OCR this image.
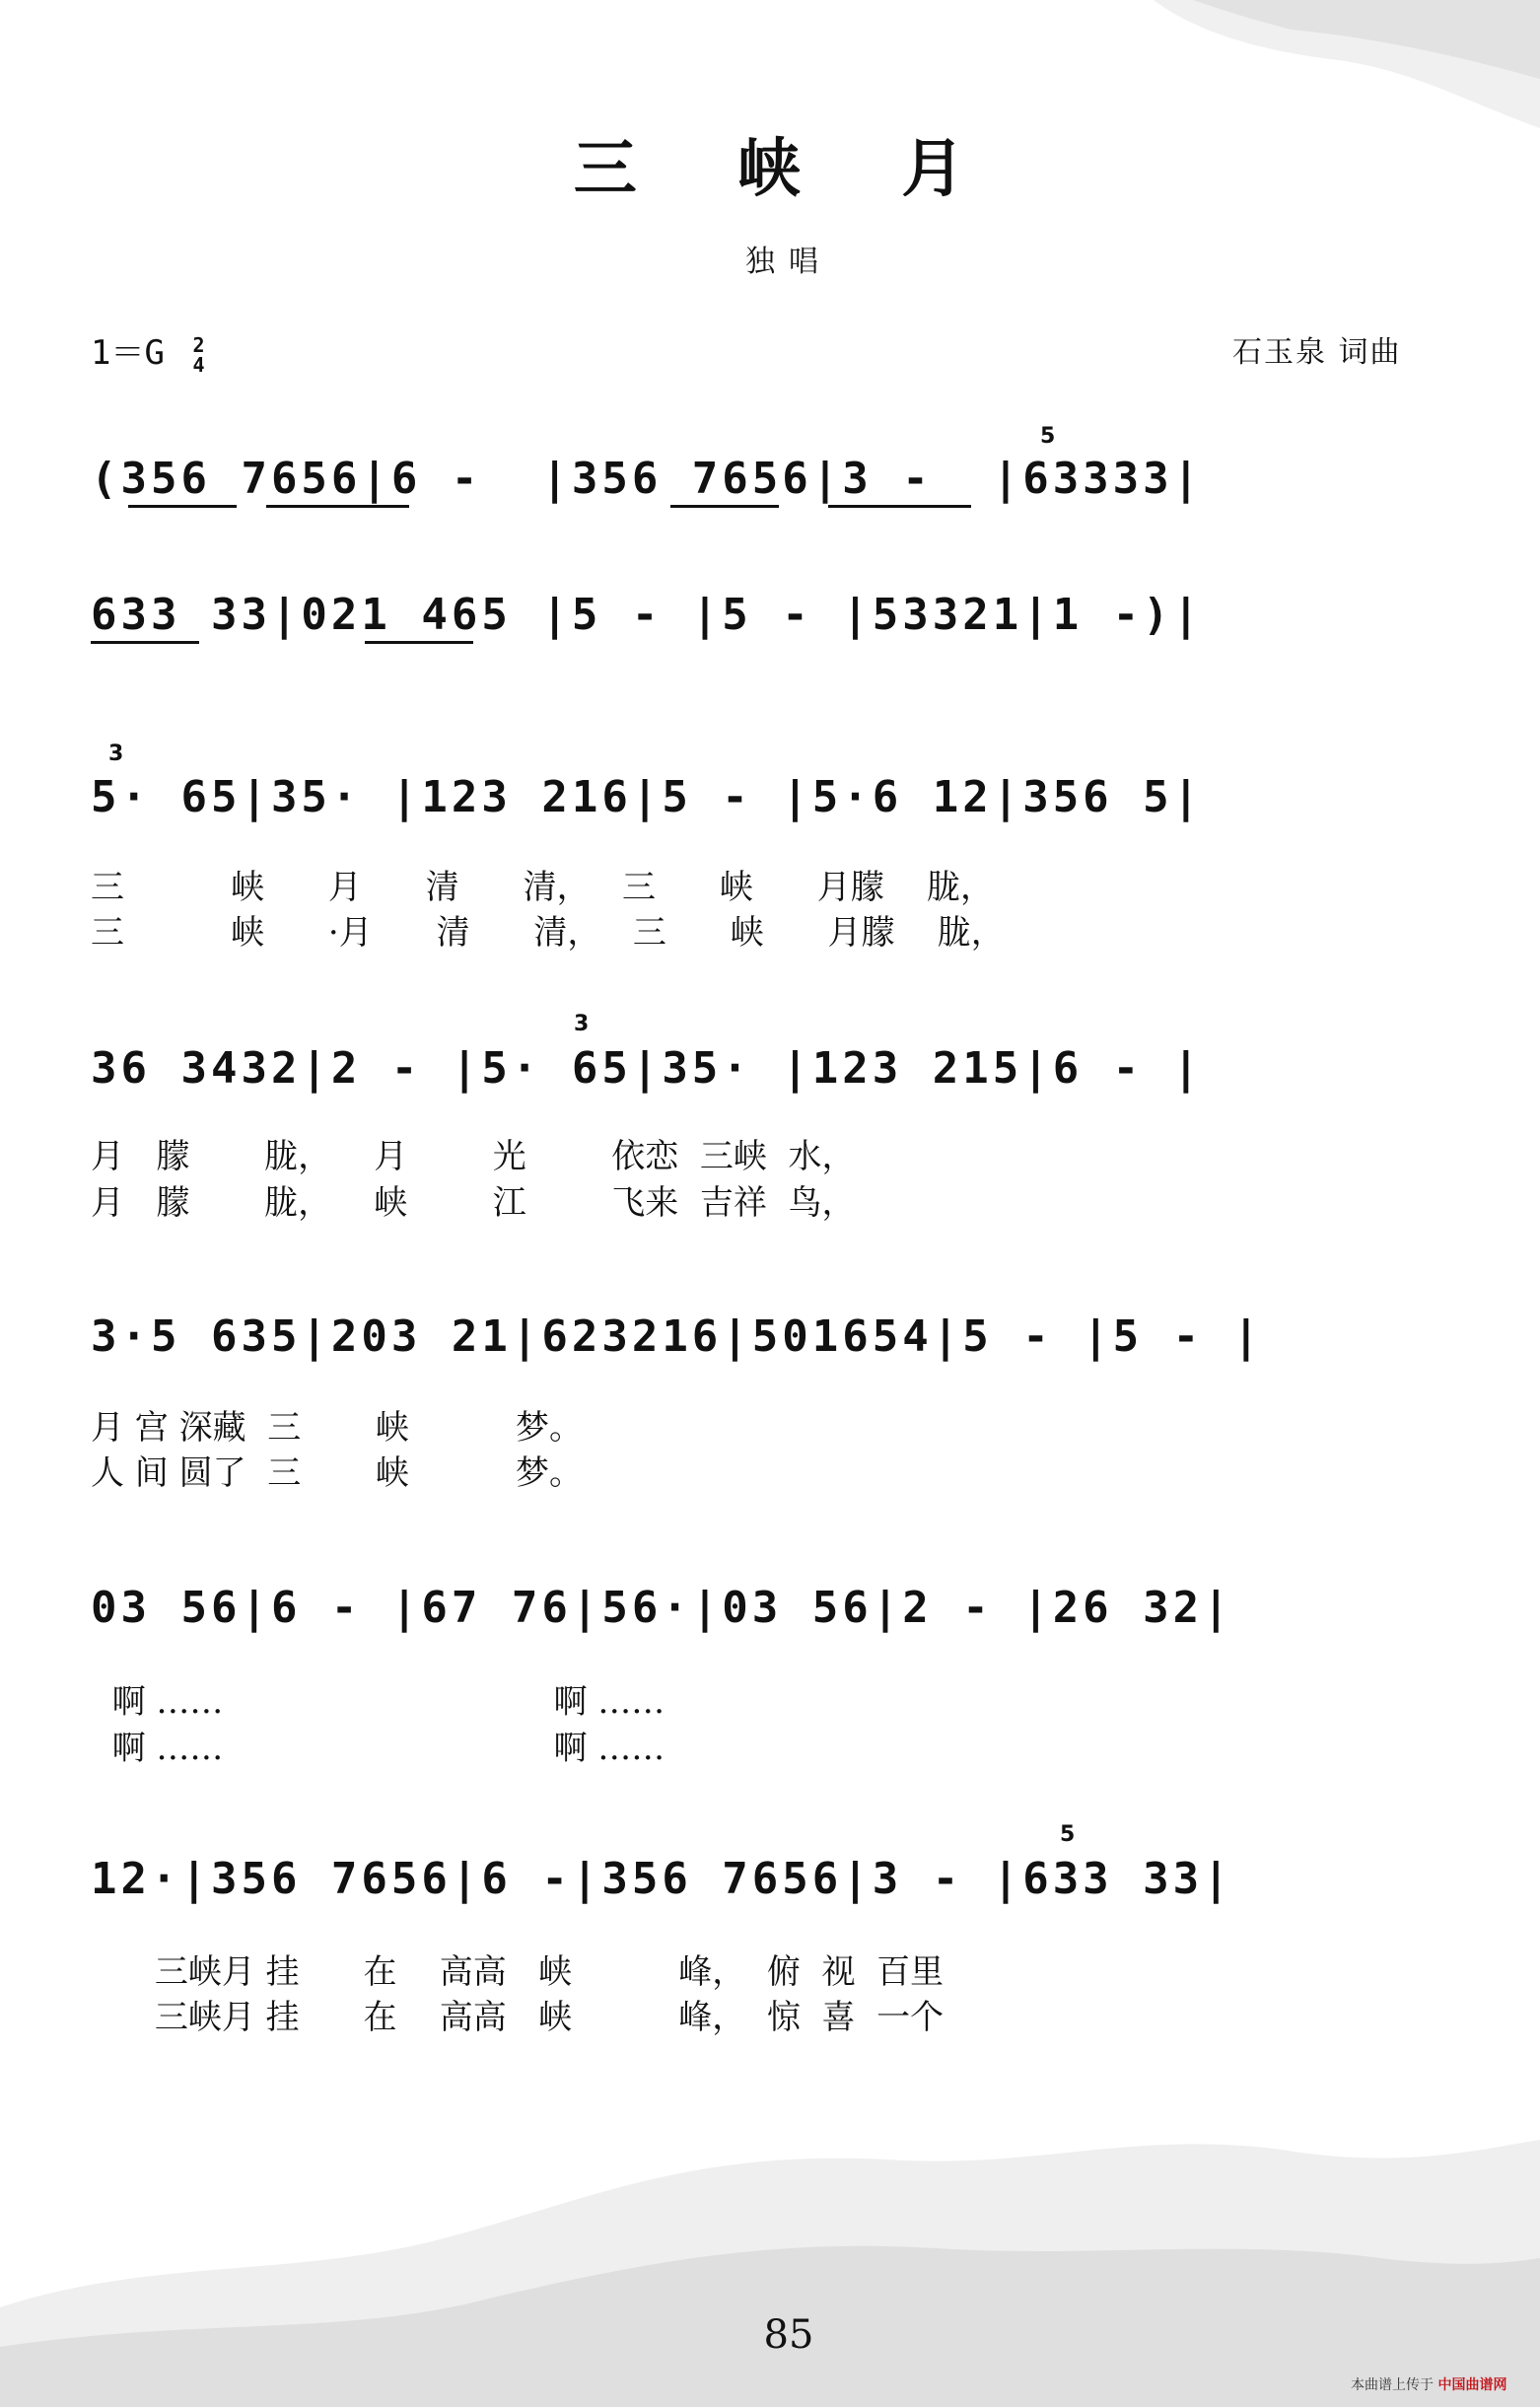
三 峡 月
独唱
1＝G 2
4	石玉泉 词曲
(356 7656|6 -  |356 7656|3 -  |63333|
5
633 33|021 465 |5 - |5 - |53321|1 -)|
5· 65|35· |123 216|5 - |5·6 12|356 5|
3
三          峡      月      清      清，   三      峡      月朦    胧，
三          峡      ·月      清      清，   三      峡      月朦    胧，
36 3432|2 - |5· 65|35· |123 215|6 - |
3
月   朦       胧，    月        光        依恋  三峡  水，
月   朦       胧，    峡        江        飞来  吉祥  鸟，
3·5 635|203 21|623216|501654|5 - |5 - |
月 宫 深藏  三       峡          梦。
人 间 圆了  三       峡          梦。
03 56|6 - |67 76|56·|03 56|2 - |26 32|
啊 ……                               啊 ……
啊 ……                               啊 ……
12·|356 7656|6 -|356 7656|3 - |633 33|
5
三峡月 挂      在    高高   峡          峰，  俯  视  百里
三峡月 挂      在    高高   峡          峰，  惊  喜  一个
85
本曲谱上传于 中国曲谱网
